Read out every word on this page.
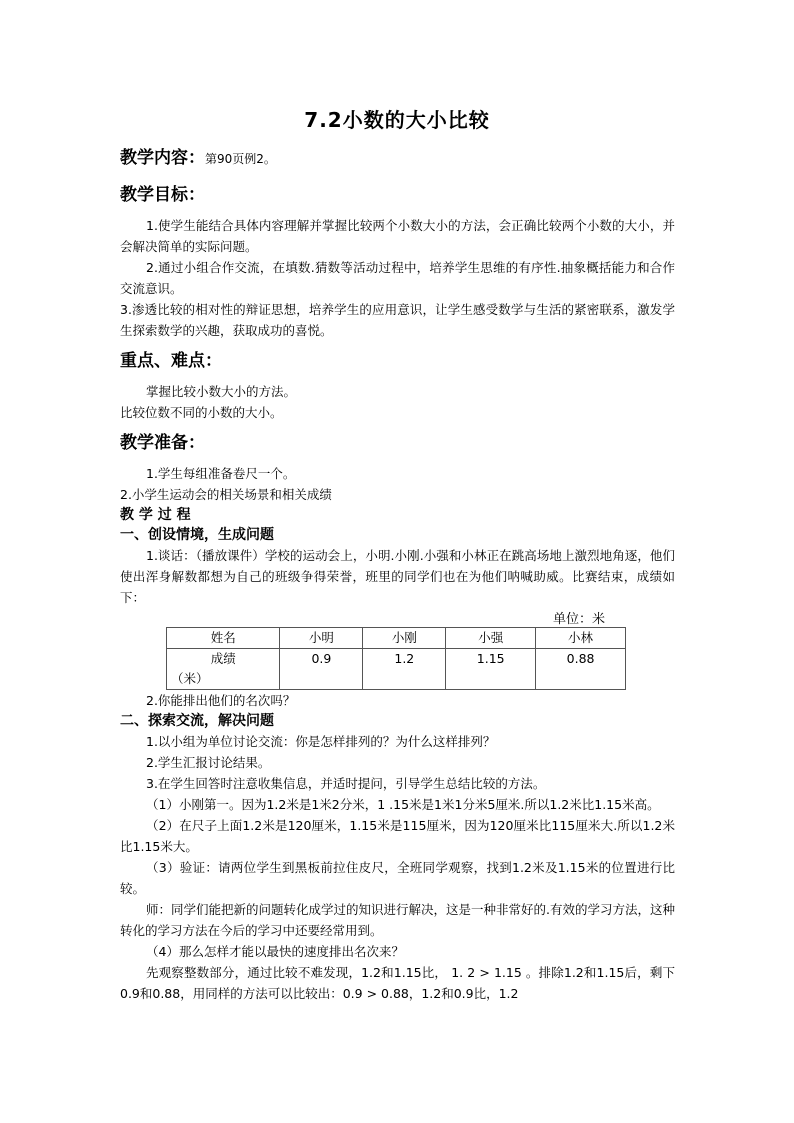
7.2小数的大小比较

教学内容：第90页例2。

教学目标：

1.使学生能结合具体内容理解并掌握比较两个小数大小的方法，会正确比较两个小数的大小，并会解决简单的实际问题。

2.通过小组合作交流，在填数.猜数等活动过程中，培养学生思维的有序性.抽象概括能力和合作交流意识。

3.渗透比较的相对性的辩证思想，培养学生的应用意识，让学生感受数学与生活的紧密联系，激发学生探索数学的兴趣，获取成功的喜悦。

重点、难点：

掌握比较小数大小的方法。

比较位数不同的小数的大小。

教学准备：

1.学生每组准备卷尺一个。

2.小学生运动会的相关场景和相关成绩

教 学 过 程

一、创设情境，生成问题

1.谈话：（播放课件）学校的运动会上，小明.小刚.小强和小林正在跳高场地上激烈地角逐，他们使出浑身解数都想为自己的班级争得荣誉，班里的同学们也在为他们呐喊助威。比赛结束，成绩如下：

单位：米
姓名	小明	小刚	小强	小林
成绩
（米）	0.9	1.2	1.15	0.88

2.你能排出他们的名次吗？

二、探索交流，解决问题

1.以小组为单位讨论交流：你是怎样排列的？为什么这样排列？

2.学生汇报讨论结果。

3.在学生回答时注意收集信息，并适时提问，引导学生总结比较的方法。

（1）小刚第一。因为1.2米是1米2分米，1 .15米是1米1分米5厘米.所以1.2米比1.15米高。

（2）在尺子上面1.2米是120厘米，1.15米是115厘米，因为120厘米比115厘米大.所以1.2米比1.15米大。

（3）验证：请两位学生到黑板前拉住皮尺，全班同学观察，找到1.2米及1.15米的位置进行比较。

师：同学们能把新的问题转化成学过的知识进行解决，这是一种非常好的.有效的学习方法，这种转化的学习方法在今后的学习中还要经常用到。

（4）那么怎样才能以最快的速度排出名次来？

先观察整数部分，通过比较不难发现，1.2和1.15比， 1. 2 > 1.15 。排除1.2和1.15后，剩下0.9和0.88，用同样的方法可以比较出：0.9 > 0.88，1.2和0.9比，1.2
